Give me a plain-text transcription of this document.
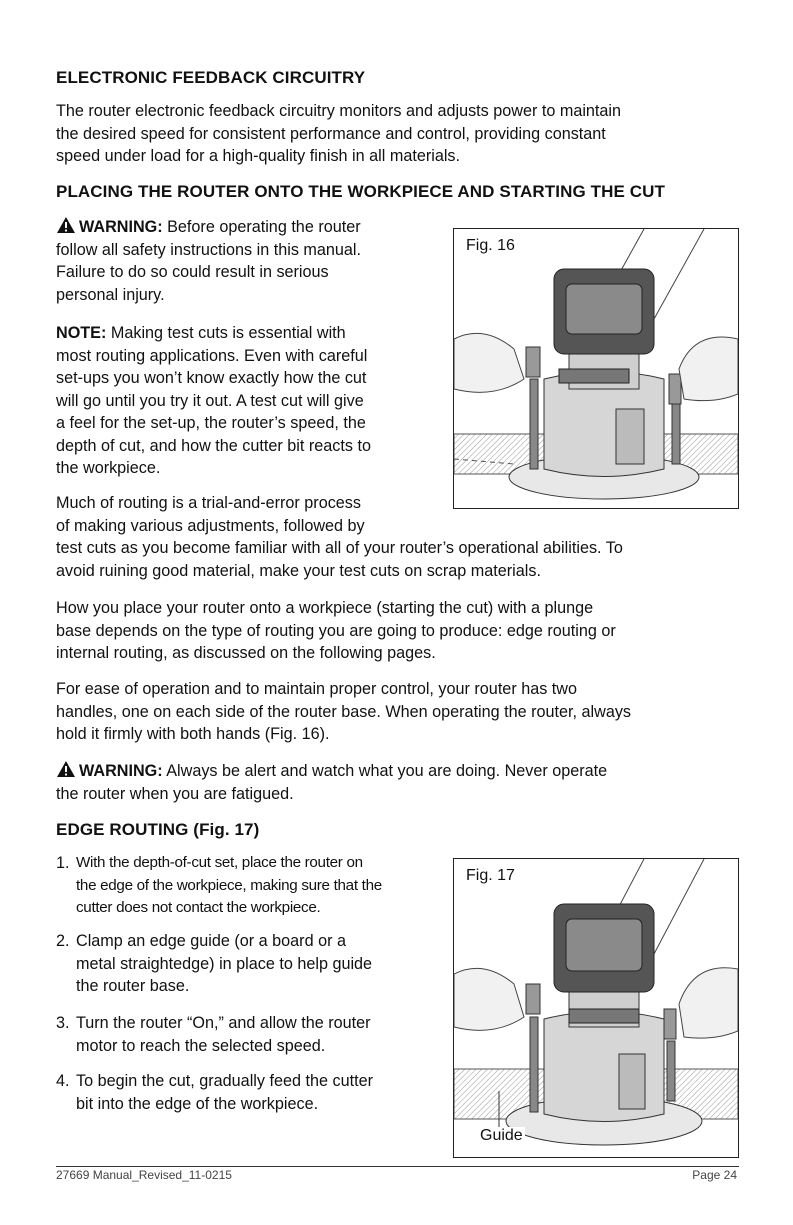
ELECTRONIC FEEDBACK CIRCUITRY
The router electronic feedback circuitry monitors and adjusts power to maintain
the desired speed for consistent performance and control, providing constant
speed under load for a high-quality finish in all materials.
PLACING THE ROUTER ONTO THE WORKPIECE AND STARTING THE CUT
WARNING: Before operating the router
follow all safety instructions in this manual.
Failure to do so could result in serious
personal injury.
NOTE: Making test cuts is essential with
most routing applications. Even with careful
set-ups you won’t know exactly how the cut
will go until you try it out. A test cut will give
a feel for the set-up, the router’s speed, the
depth of cut, and how the cutter bit reacts to
the workpiece.
Fig. 16
Much of routing is a trial-and-error process
of making various adjustments, followed by
test cuts as you become familiar with all of your router’s operational abilities. To
avoid ruining good material, make your test cuts on scrap materials.
How you place your router onto a workpiece (starting the cut) with a plunge
base depends on the type of routing you are going to produce: edge routing or
internal routing, as discussed on the following pages.
For ease of operation and to maintain proper control, your router has two
handles, one on each side of the router base. When operating the router, always
hold it firmly with both hands (Fig. 16).
WARNING: Always be alert and watch what you are doing. Never operate
the router when you are fatigued.
EDGE ROUTING (Fig. 17)
1. With the depth-of-cut set, place the router on
the edge of the workpiece, making sure that the
cutter does not contact the workpiece.
2. Clamp an edge guide (or a board or a
metal straightedge) in place to help guide
the router base.
3. Turn the router “On,” and allow the router
motor to reach the selected speed.
4. To begin the cut, gradually feed the cutter
bit into the edge of the workpiece.
Fig. 17
Guide
27669 Manual_Revised_11-0215	Page 24
